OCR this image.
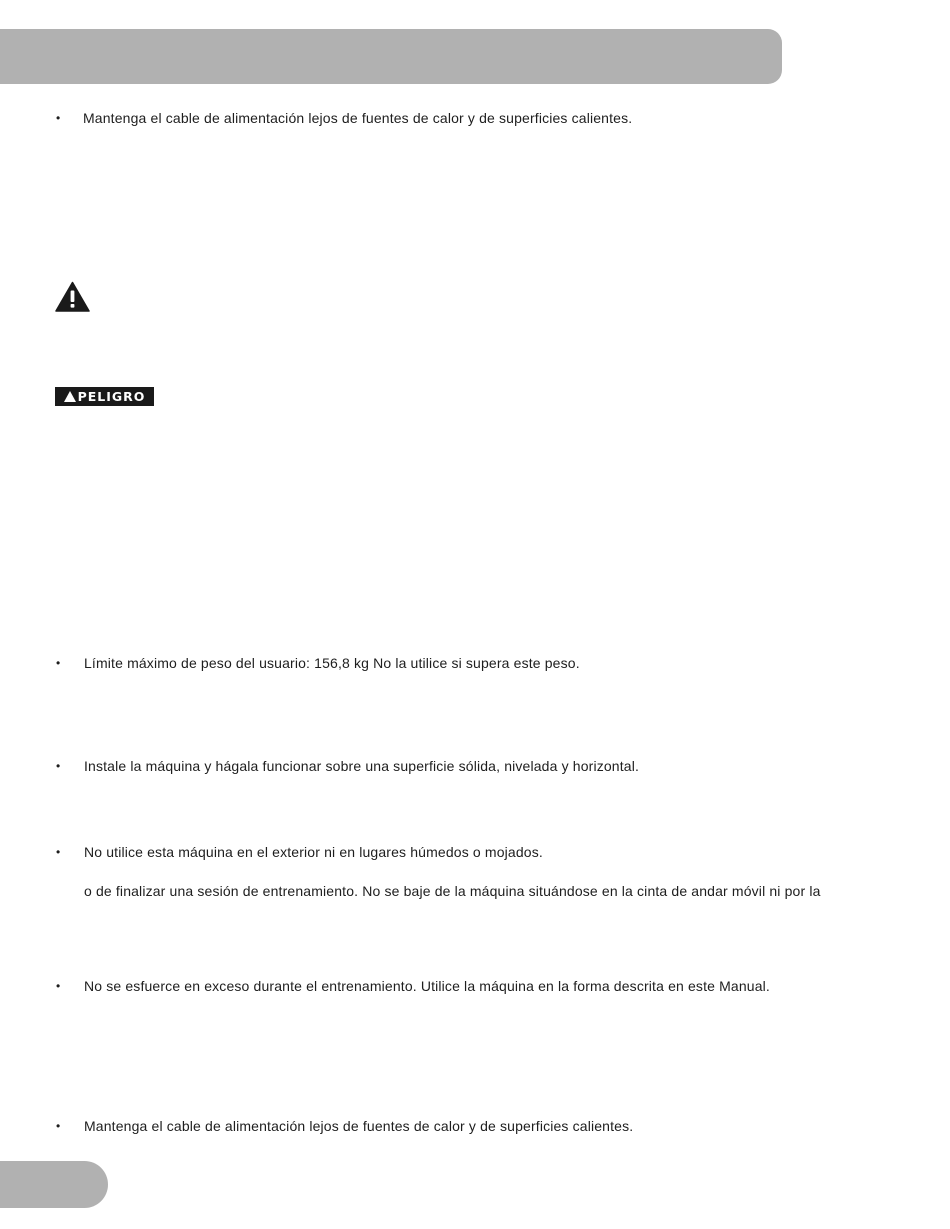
• Mantenga el cable de alimentación lejos de fuentes de calor y de superficies calientes.
PELIGRO
• Límite máximo de peso del usuario: 156,8 kg No la utilice si supera este peso.
• Instale la máquina y hágala funcionar sobre una superficie sólida, nivelada y horizontal.
• No utilice esta máquina en el exterior ni en lugares húmedos o mojados.
o de finalizar una sesión de entrenamiento. No se baje de la máquina situándose en la cinta de andar móvil ni por la
• No se esfuerce en exceso durante el entrenamiento. Utilice la máquina en la forma descrita en este Manual.
• Mantenga el cable de alimentación lejos de fuentes de calor y de superficies calientes.
